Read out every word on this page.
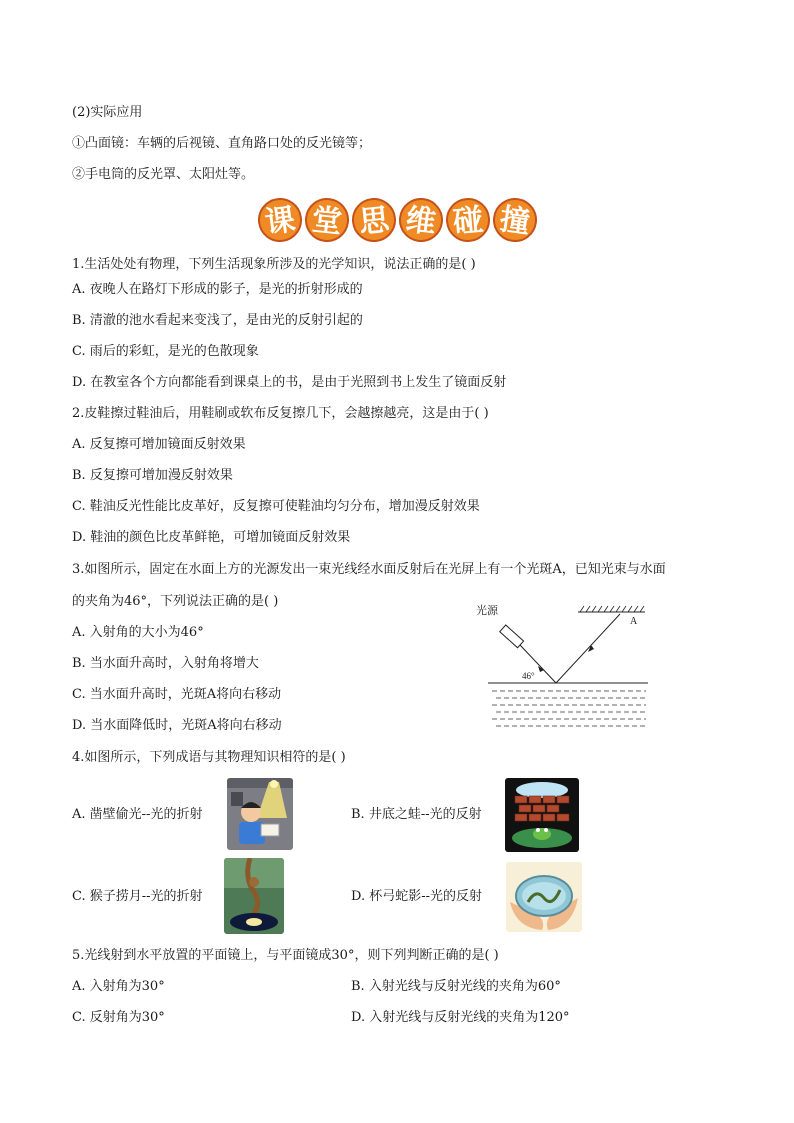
(2)实际应用
①凸面镜：车辆的后视镜、直角路口处的反光镜等；
②手电筒的反光罩、太阳灶等。
课 堂 思 维 碰 撞
1.生活处处有物理，下列生活现象所涉及的光学知识，说法正确的是( )
A. 夜晚人在路灯下形成的影子，是光的折射形成的
B. 清澈的池水看起来变浅了，是由光的反射引起的
C. 雨后的彩虹，是光的色散现象
D. 在教室各个方向都能看到课桌上的书，是由于光照到书上发生了镜面反射
2.皮鞋擦过鞋油后，用鞋刷或软布反复擦几下，会越擦越亮，这是由于( )
A. 反复擦可增加镜面反射效果
B. 反复擦可增加漫反射效果
C. 鞋油反光性能比皮革好，反复擦可使鞋油均匀分布，增加漫反射效果
D. 鞋油的颜色比皮革鲜艳，可增加镜面反射效果
3.如图所示，固定在水面上方的光源发出一束光线经水面反射后在光屏上有一个光斑A，已知光束与水面
的夹角为46°，下列说法正确的是( )
A. 入射角的大小为46°
B. 当水面升高时，入射角将增大
C. 当水面升高时，光斑A将向右移动
D. 当水面降低时，光斑A将向右移动
A
光源
46°
4.如图所示，下列成语与其物理知识相符的是( )
A. 凿壁偷光--光的折射	B. 井底之蛙--光的反射
C. 猴子捞月--光的折射	D. 杯弓蛇影--光的反射
5.光线射到水平放置的平面镜上，与平面镜成30°，则下列判断正确的是( )
A. 入射角为30°	B. 入射光线与反射光线的夹角为60°
C. 反射角为30°	D. 入射光线与反射光线的夹角为120°
